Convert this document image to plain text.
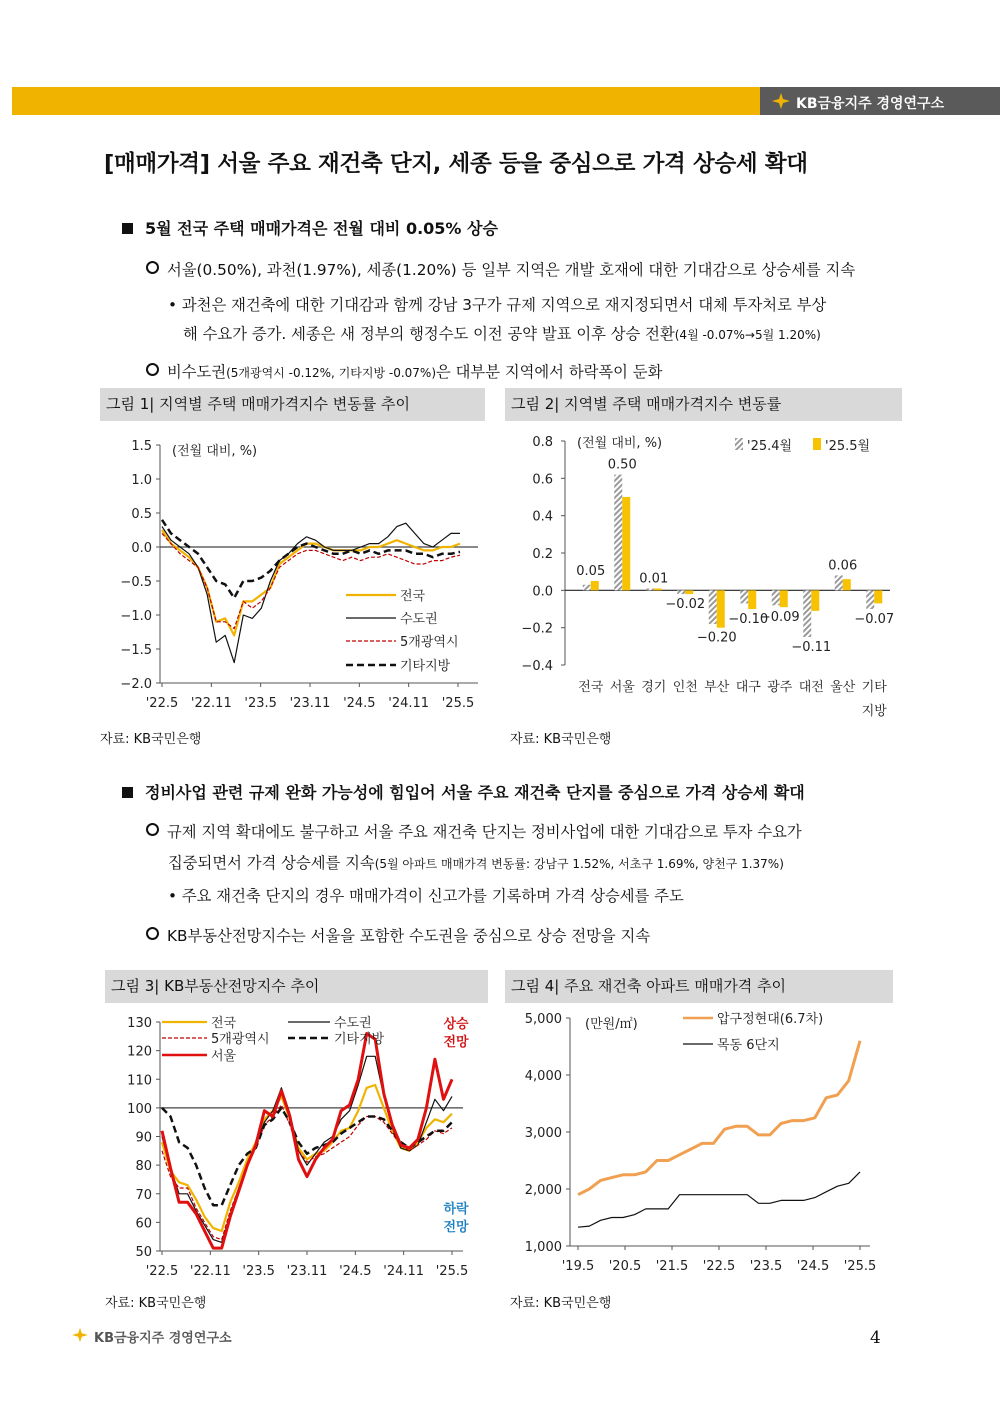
KB금융지주 경영연구소
[매매가격] 서울 주요 재건축 단지, 세종 등을 중심으로 가격 상승세 확대
5월 전국 주택 매매가격은 전월 대비 0.05% 상승
서울(0.50%), 과천(1.97%), 세종(1.20%) 등 일부 지역은 개발 호재에 대한 기대감으로 상승세를 지속
• 과천은 재건축에 대한 기대감과 함께 강남 3구가 규제 지역으로 재지정되면서 대체 투자처로 부상
해 수요가 증가. 세종은 새 정부의 행정수도 이전 공약 발표 이후 상승 전환(4월 -0.07%→5월 1.20%)
비수도권(5개광역시 -0.12%, 기타지방 -0.07%)은 대부분 지역에서 하락폭이 둔화
그림 1| 지역별 주택 매매가격지수 변동률 추이
1.5
1.0
0.5
0.0
−0.5
−1.0
−1.5
−2.0
'22.5 '22.11 '23.5 '23.11 '24.5 '24.11 '25.5
(전월 대비, %)
전국
수도권
5개광역시
기타지방
자료: KB국민은행
그림 2| 지역별 주택 매매가격지수 변동률
0.8
0.6
0.4
0.2
0.0
−0.2
−0.4
전국
0.05
서울
0.50
경기
0.01
인천
−0.02
부산
−0.20
대구
−0.10
광주
−0.09
대전
−0.11
울산
0.06
기타
−0.07
지방
(전월 대비, %)	'25.4월	'25.5월
자료: KB국민은행
정비사업 관련 규제 완화 가능성에 힘입어 서울 주요 재건축 단지를 중심으로 가격 상승세 확대
규제 지역 확대에도 불구하고 서울 주요 재건축 단지는 정비사업에 대한 기대감으로 투자 수요가
집중되면서 가격 상승세를 지속(5월 아파트 매매가격 변동률: 강남구 1.52%, 서초구 1.69%, 양천구 1.37%)
• 주요 재건축 단지의 경우 매매가격이 신고가를 기록하며 가격 상승세를 주도
KB부동산전망지수는 서울을 포함한 수도권을 중심으로 상승 전망을 지속
그림 3| KB부동산전망지수 추이
130
120
110
100
90
80
70
60
50
'22.5 '22.11 '23.5 '23.11 '24.5 '24.11 '25.5
전국
5개광역시
서울
수도권
기타지방
상승
전망
하락
전망
자료: KB국민은행
그림 4| 주요 재건축 아파트 매매가격 추이
5,000
4,000
3,000
2,000
1,000
'19.5 '20.5 '21.5 '22.5 '23.5 '24.5 '25.5
(만원/㎡)	압구정현대(6.7차)
목동 6단지
자료: KB국민은행
KB금융지주 경영연구소	4
